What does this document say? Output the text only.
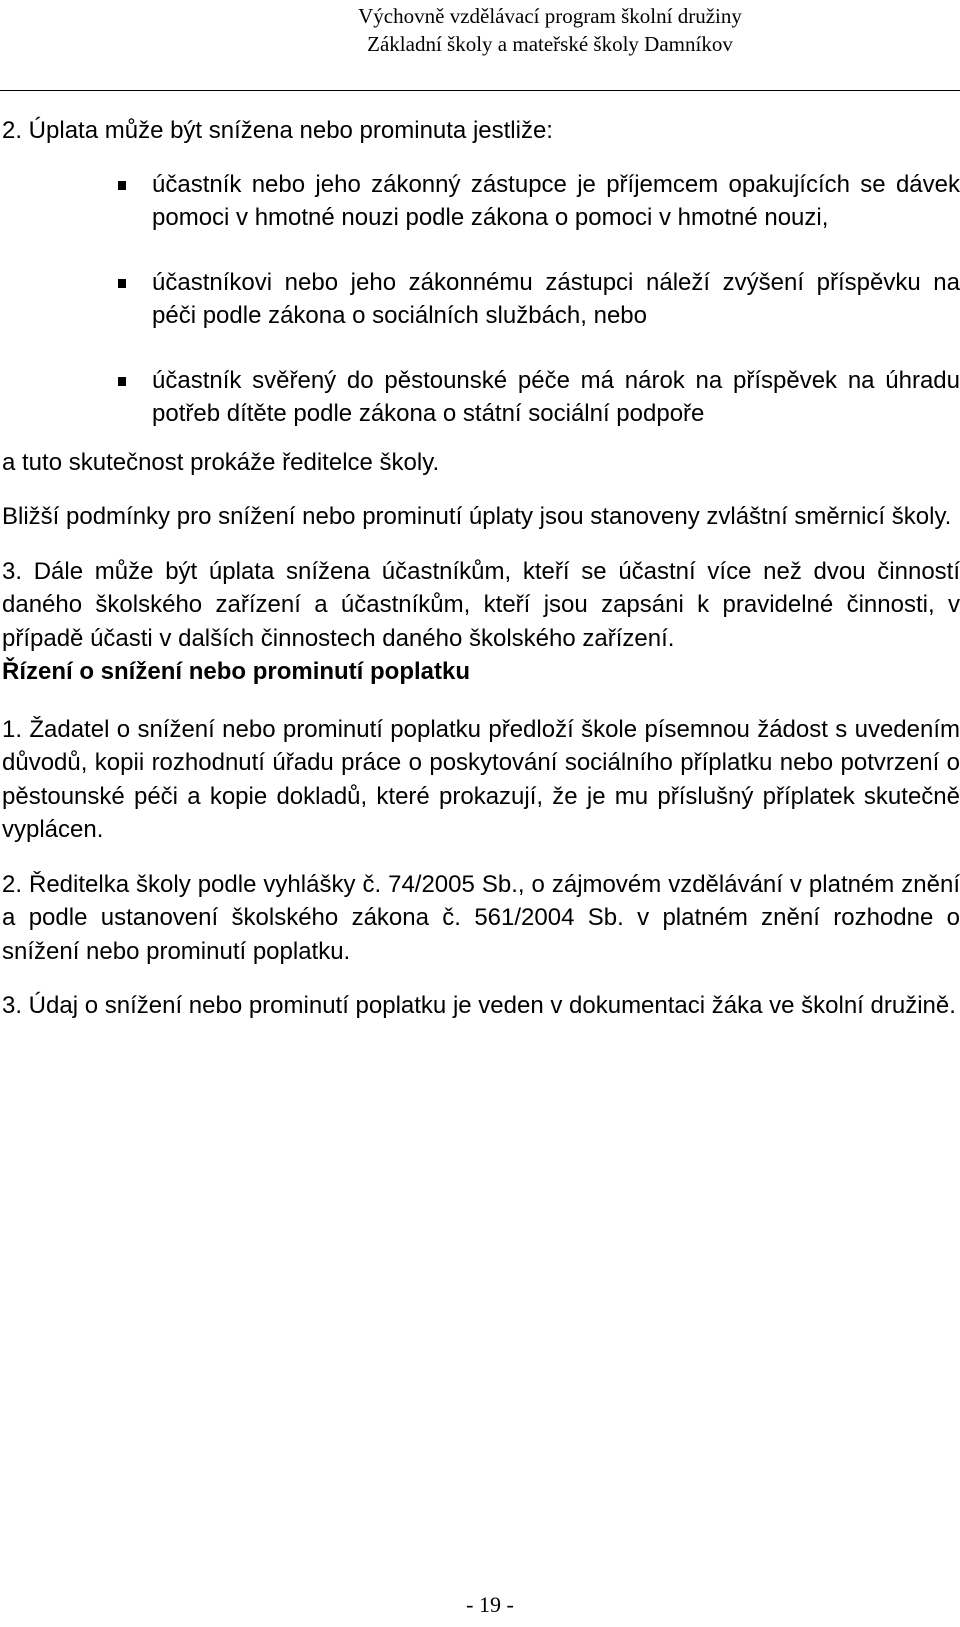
Výchovně vzdělávací program školní družiny
Základní školy a mateřské školy Damníkov

2. Úplata může být snížena nebo prominuta jestliže:

účastník nebo jeho zákonný zástupce je příjemcem opakujících se dávek pomoci v hmotné nouzi podle zákona o pomoci v hmotné nouzi,
účastníkovi nebo jeho zákonnému zástupci náleží zvýšení příspěvku na péči podle zákona o sociálních službách, nebo
účastník svěřený do pěstounské péče má nárok na příspěvek na úhradu potřeb dítěte podle zákona o státní sociální podpoře

a tuto skutečnost prokáže ředitelce školy.

Bližší podmínky pro snížení nebo prominutí úplaty jsou stanoveny zvláštní směrnicí školy.

3. Dále může být úplata snížena účastníkům, kteří se účastní více než dvou činností daného školského zařízení a účastníkům, kteří jsou zapsáni k pravidelné činnosti, v případě účasti v dalších činnostech daného školského zařízení.

Řízení o snížení nebo prominutí poplatku

1. Žadatel o snížení nebo prominutí poplatku předloží škole písemnou žádost s uvedením důvodů, kopii rozhodnutí úřadu práce o poskytování sociálního příplatku nebo potvrzení o pěstounské péči a kopie dokladů, které prokazují, že je mu příslušný příplatek skutečně vyplácen.

2. Ředitelka školy podle vyhlášky č. 74/2005 Sb., o zájmovém vzdělávání v platném znění a podle ustanovení školského zákona č. 561/2004 Sb. v platném znění rozhodne o snížení nebo prominutí poplatku.

3. Údaj o snížení nebo prominutí poplatku je veden v dokumentaci žáka ve školní družině.

- 19 -
